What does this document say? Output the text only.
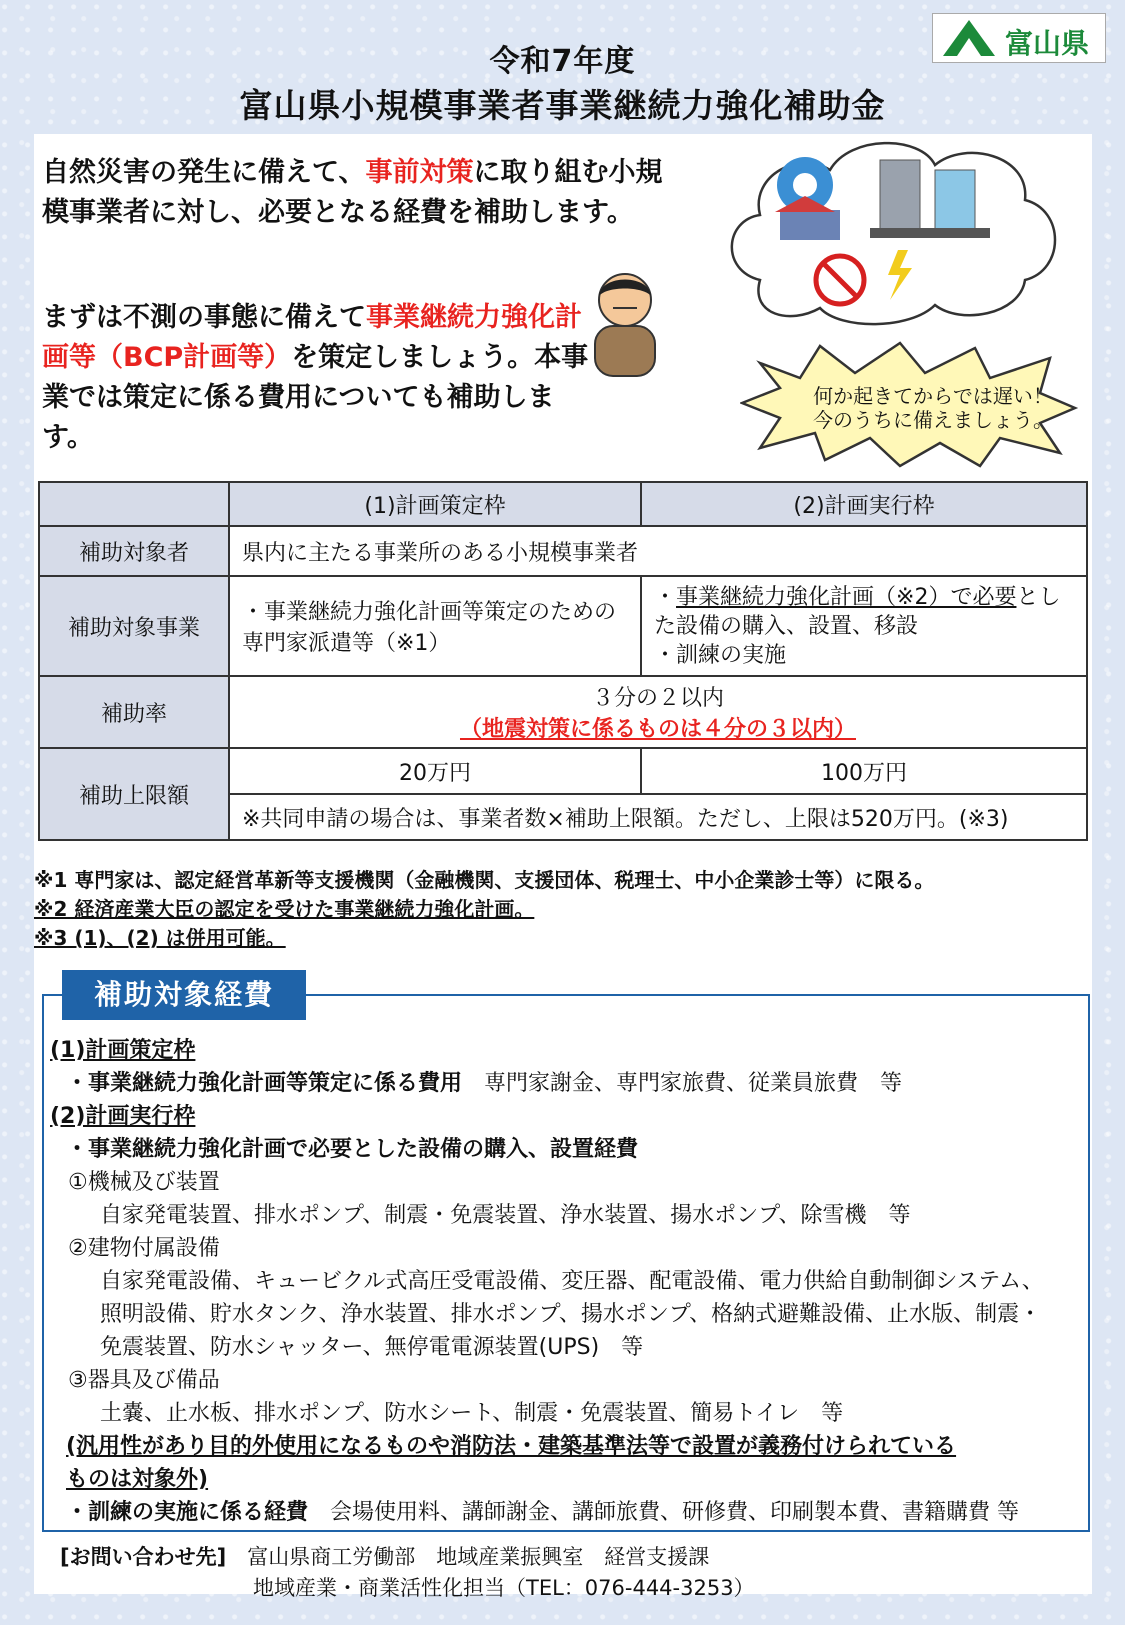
富山県
令和7年度
富山県小規模事業者事業継続力強化補助金
自然災害の発生に備えて、事前対策に取り組む小規模事業者に対し、必要となる経費を補助します。
まずは不測の事態に備えて事業継続力強化計画等（BCP計画等）を策定しましょう。本事業では策定に係る費用についても補助します。
何か起きてからでは遅い！
今のうちに備えましょう。
	(1)計画策定枠	(2)計画実行枠
補助対象者	県内に主たる事業所のある小規模事業者	
補助対象事業	・事業継続力強化計画等策定のための専門家派遣等（※1）	・事業継続力強化計画（※2）で必要とした設備の購入、設置、移設
・訓練の実施
補助率	３分の２以内
（地震対策に係るものは４分の３以内）	

補助上限額	20万円	100万円
	※共同申請の場合は、事業者数×補助上限額。ただし、上限は520万円。(※3)	
※1 専門家は、認定経営革新等支援機関（金融機関、支援団体、税理士、中小企業診士等）に限る。
※2 経済産業大臣の認定を受けた事業継続力強化計画。
※3 (1)、(2) は併用可能。
補助対象経費
(1)計画策定枠
・事業継続力強化計画等策定に係る費用　 専門家謝金、専門家旅費、従業員旅費　等
(2)計画実行枠
・事業継続力強化計画で必要とした設備の購入、設置経費
①機械及び装置
自家発電装置、排水ポンプ、制震・免震装置、浄水装置、揚水ポンプ、除雪機　等
②建物付属設備
自家発電設備、キュービクル式高圧受電設備、変圧器、配電設備、電力供給自動制御システム、
照明設備、貯水タンク、浄水装置、排水ポンプ、揚水ポンプ、格納式避難設備、止水版、制震・
免震装置、防水シャッター、無停電電源装置(UPS)　等
③器具及び備品
土嚢、止水板、排水ポンプ、防水シート、制震・免震装置、簡易トイレ　等
(汎用性があり目的外使用になるものや消防法・建築基準法等で設置が義務付けられている
ものは対象外)
・訓練の実施に係る経費　 会場使用料、講師謝金、講師旅費、研修費、印刷製本費、書籍購費 等
[お問い合わせ先]　 富山県商工労働部　地域産業振興室　経営支援課
地域産業・商業活性化担当（TEL：076-444-3253）
